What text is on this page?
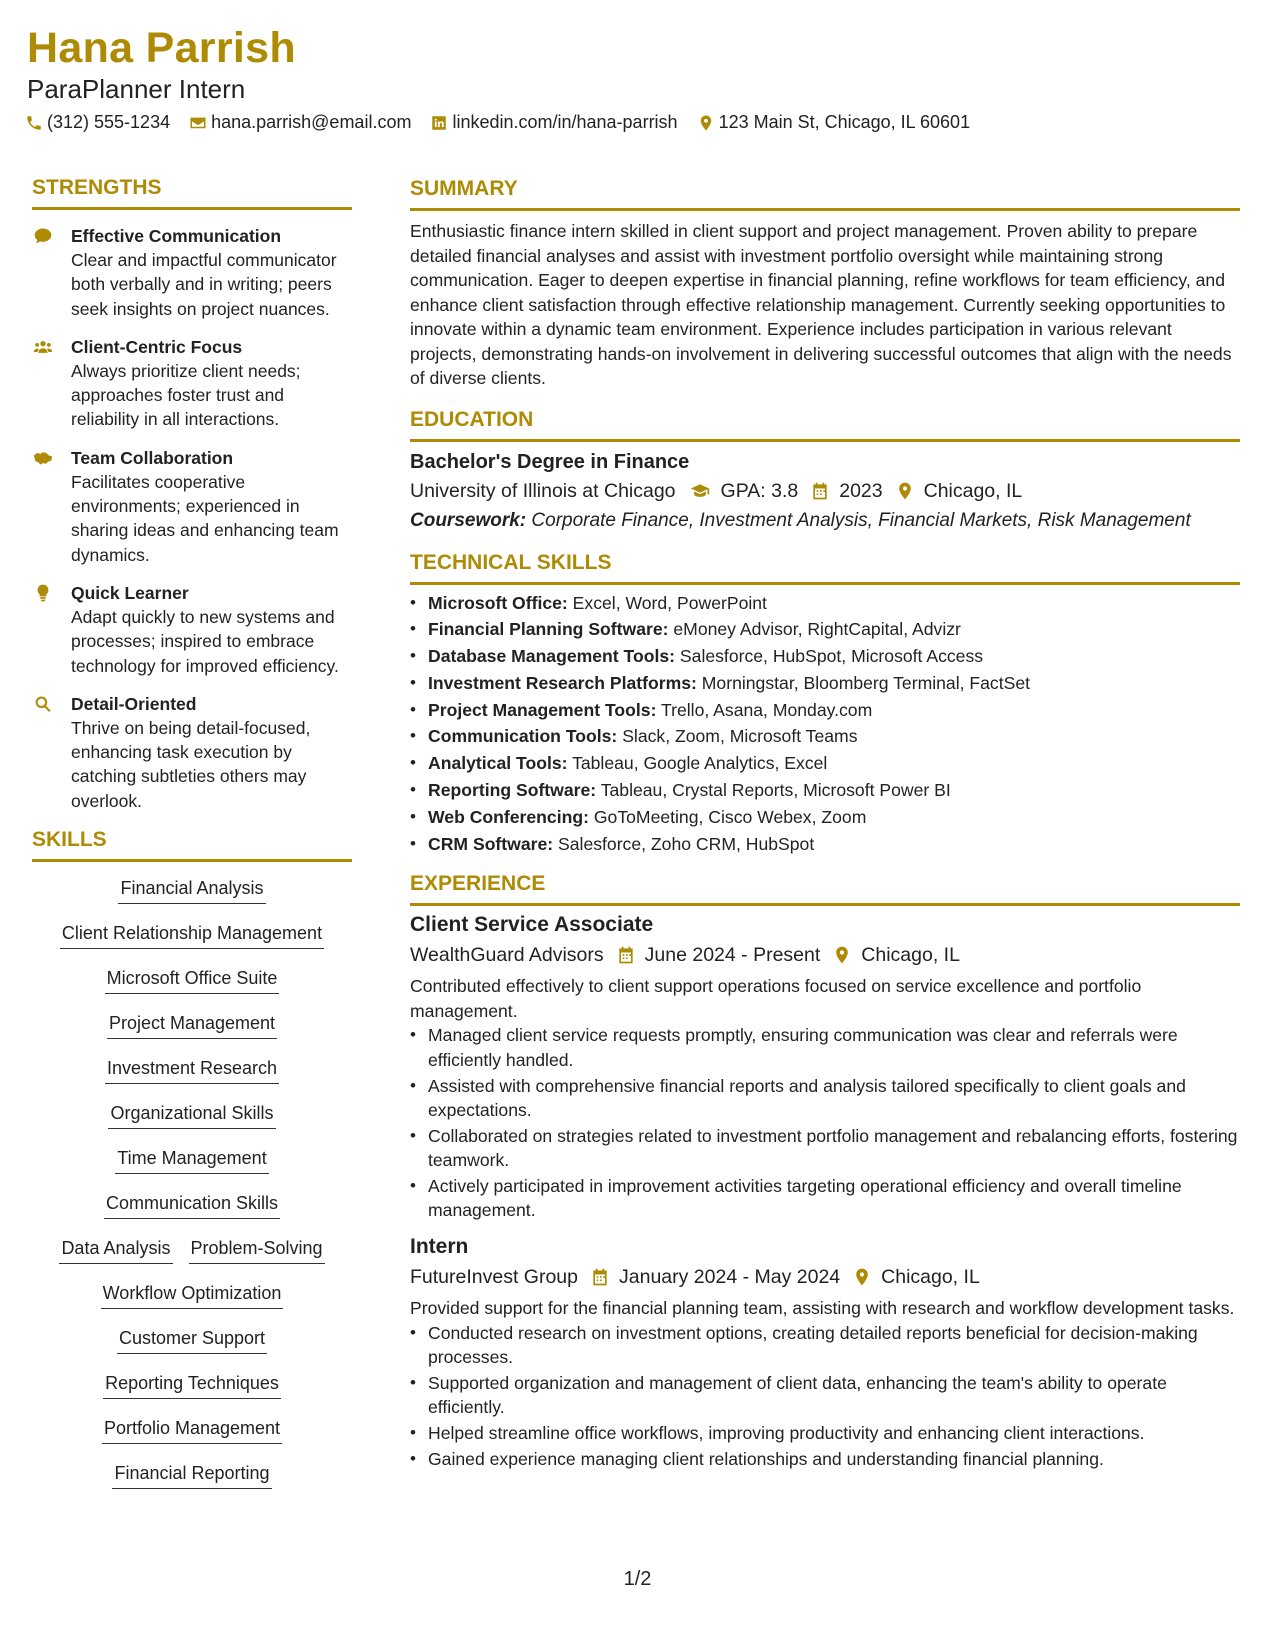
Hana Parrish
ParaPlanner Intern
(312) 555-1234 hana.parrish@email.com linkedin.com/in/hana-parrish 123 Main St, Chicago, IL 60601
STRENGTHS
Effective Communication
Clear and impactful communicator both verbally and in writing; peers seek insights on project nuances.
Client-Centric Focus
Always prioritize client needs; approaches foster trust and reliability in all interactions.
Team Collaboration
Facilitates cooperative environments; experienced in sharing ideas and enhancing team dynamics.
Quick Learner
Adapt quickly to new systems and processes; inspired to embrace technology for improved efficiency.
Detail-Oriented
Thrive on being detail-focused, enhancing task execution by catching subtleties others may overlook.
SKILLS
Financial Analysis
Client Relationship Management
Microsoft Office Suite
Project Management
Investment Research
Organizational Skills
Time Management
Communication Skills
Data Analysis Problem-Solving
Workflow Optimization
Customer Support
Reporting Techniques
Portfolio Management
Financial Reporting
SUMMARY
Enthusiastic finance intern skilled in client support and project management. Proven ability to prepare detailed financial analyses and assist with investment portfolio oversight while maintaining strong communication. Eager to deepen expertise in financial planning, refine workflows for team efficiency, and enhance client satisfaction through effective relationship management. Currently seeking opportunities to innovate within a dynamic team environment. Experience includes participation in various relevant projects, demonstrating hands-on involvement in delivering successful outcomes that align with the needs of diverse clients.
EDUCATION
Bachelor's Degree in Finance
University of Illinois at Chicago GPA: 3.8 2023 Chicago, IL
Coursework: Corporate Finance, Investment Analysis, Financial Markets, Risk Management
TECHNICAL SKILLS
• Microsoft Office: Excel, Word, PowerPoint
• Financial Planning Software: eMoney Advisor, RightCapital, Advizr
• Database Management Tools: Salesforce, HubSpot, Microsoft Access
• Investment Research Platforms: Morningstar, Bloomberg Terminal, FactSet
• Project Management Tools: Trello, Asana, Monday.com
• Communication Tools: Slack, Zoom, Microsoft Teams
• Analytical Tools: Tableau, Google Analytics, Excel
• Reporting Software: Tableau, Crystal Reports, Microsoft Power BI
• Web Conferencing: GoToMeeting, Cisco Webex, Zoom
• CRM Software: Salesforce, Zoho CRM, HubSpot
EXPERIENCE
Client Service Associate
WealthGuard Advisors June 2024 - Present Chicago, IL
Contributed effectively to client support operations focused on service excellence and portfolio management.
• Managed client service requests promptly, ensuring communication was clear and referrals were efficiently handled.
• Assisted with comprehensive financial reports and analysis tailored specifically to client goals and expectations.
• Collaborated on strategies related to investment portfolio management and rebalancing efforts, fostering teamwork.
• Actively participated in improvement activities targeting operational efficiency and overall timeline management.
Intern
FutureInvest Group January 2024 - May 2024 Chicago, IL
Provided support for the financial planning team, assisting with research and workflow development tasks.
• Conducted research on investment options, creating detailed reports beneficial for decision-making processes.
• Supported organization and management of client data, enhancing the team's ability to operate efficiently.
• Helped streamline office workflows, improving productivity and enhancing client interactions.
• Gained experience managing client relationships and understanding financial planning.
1/2
